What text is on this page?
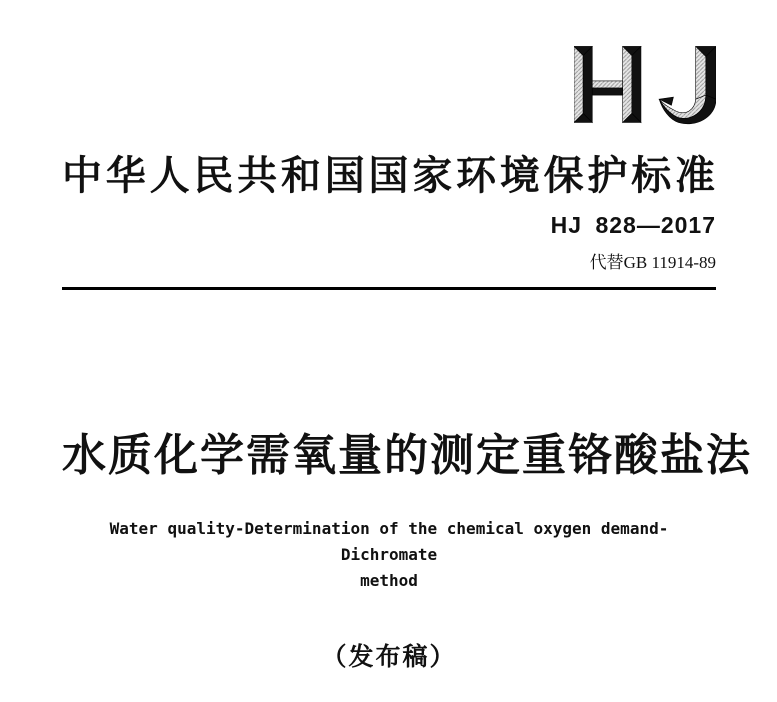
中华人民共和国国家环境保护标准
HJ 828—2017
代替GB 11914-89
水质 化学需氧量的测定 重铬酸盐法
Water quality-Determination of the chemical oxygen demand-Dichromate
method
（发布稿）
